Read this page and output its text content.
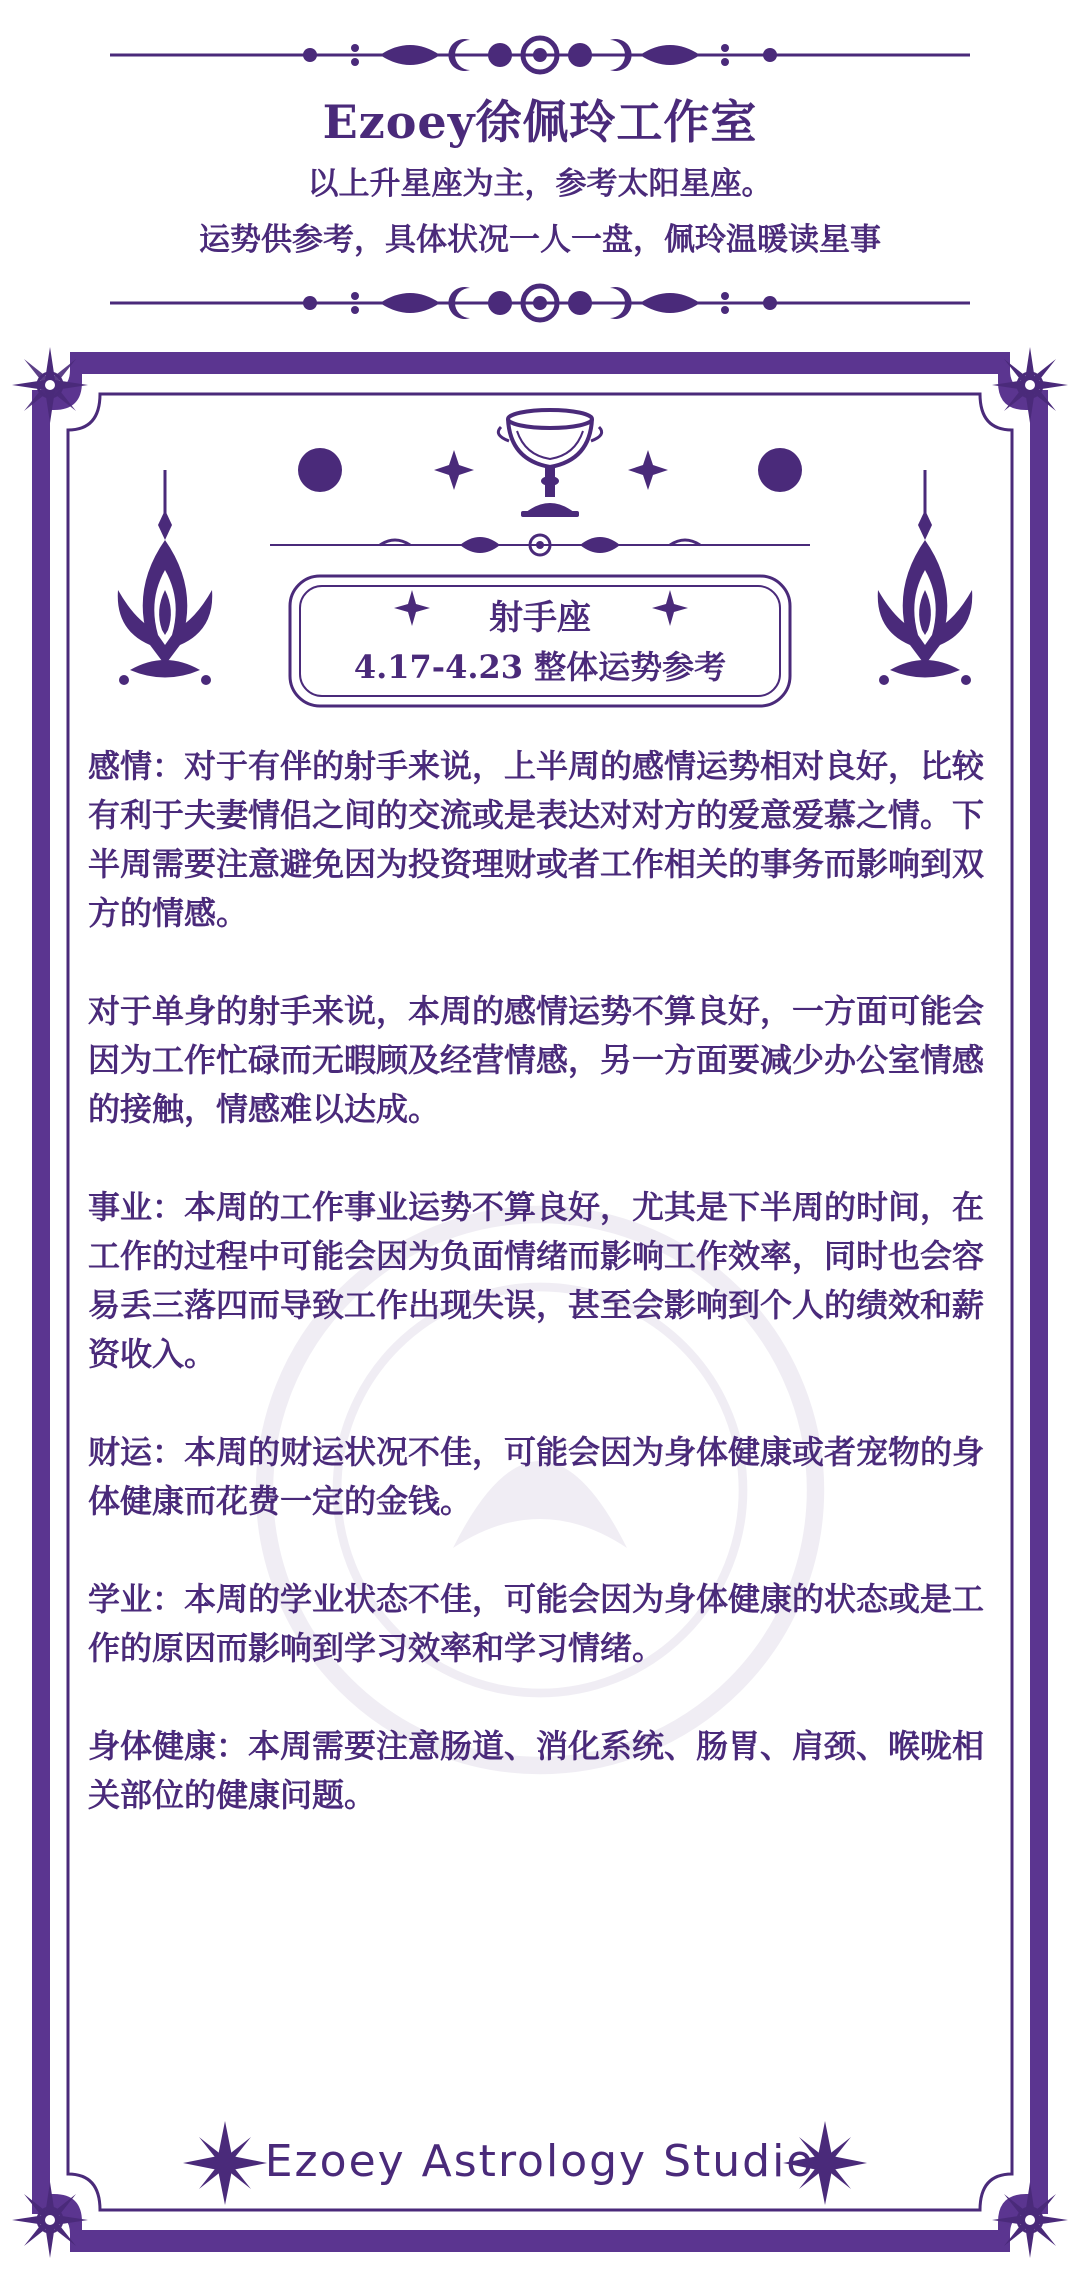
Ezoey徐佩玲工作室
以上升星座为主，参考太阳星座。
运势供参考，具体状况一人一盘，佩玲温暖读星事
射手座
4.17-4.23 整体运势参考

感情：对于有伴的射手来说，上半周的感情运势相对良好，比较有利于夫妻情侣之间的交流或是表达对对方的爱意爱慕之情。下半周需要注意避免因为投资理财或者工作相关的事务而影响到双方的情感。

对于单身的射手来说，本周的感情运势不算良好，一方面可能会因为工作忙碌而无暇顾及经营情感，另一方面要减少办公室情感的接触，情感难以达成。

事业：本周的工作事业运势不算良好，尤其是下半周的时间，在工作的过程中可能会因为负面情绪而影响工作效率，同时也会容易丢三落四而导致工作出现失误，甚至会影响到个人的绩效和薪资收入。

财运：本周的财运状况不佳，可能会因为身体健康或者宠物的身体健康而花费一定的金钱。

学业：本周的学业状态不佳，可能会因为身体健康的状态或是工作的原因而影响到学习效率和学习情绪。

身体健康：本周需要注意肠道、消化系统、肠胃、肩颈、喉咙相关部位的健康问题。

Ezoey Astrology Studio
